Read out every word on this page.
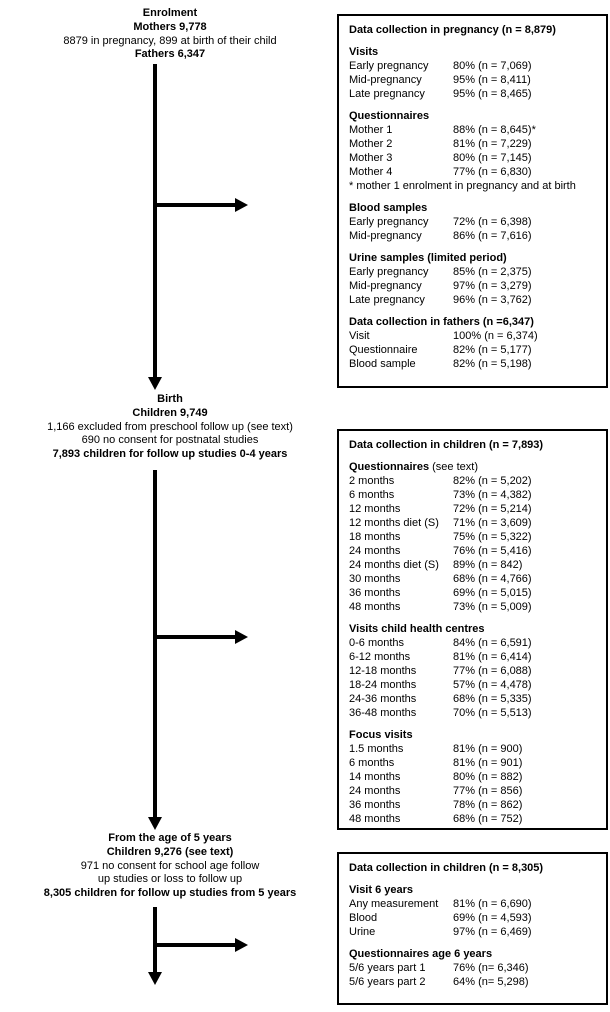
Enrolment
Mothers 9,778
8879 in pregnancy, 899 at birth of their child
Fathers 6,347
Birth
Children 9,749
1,166 excluded from preschool follow up (see text)
690 no consent for postnatal studies
7,893 children for follow up studies 0-4 years
From the age of 5 years
Children 9,276 (see text)
971 no consent for school age follow
up studies or loss to follow up
8,305 children for follow up studies from 5 years
Data collection in pregnancy (n = 8,879)
Visits
Early pregnancy	80% (n = 7,069)
Mid-pregnancy	95% (n = 8,411)
Late pregnancy	95% (n = 8,465)
Questionnaires
Mother 1	88% (n = 8,645)*
Mother 2	81% (n = 7,229)
Mother 3	80% (n = 7,145)
Mother 4	77% (n = 6,830)
* mother 1 enrolment in pregnancy and at birth
Blood samples
Early pregnancy	72% (n = 6,398)
Mid-pregnancy	86% (n = 7,616)
Urine samples (limited period)
Early pregnancy	85% (n = 2,375)
Mid-pregnancy	97% (n = 3,279)
Late pregnancy	96% (n = 3,762)
Data collection in fathers (n =6,347)
Visit	100% (n = 6,374)
Questionnaire	82% (n = 5,177)
Blood sample	82% (n = 5,198)
Data collection in children (n = 7,893)
Questionnaires (see text)
2 months	82% (n = 5,202)
6 months	73% (n = 4,382)
12 months	72% (n = 5,214)
12 months diet (S)	71% (n = 3,609)
18 months	75% (n = 5,322)
24 months	76% (n = 5,416)
24 months diet (S)	89% (n = 842)
30 months	68% (n = 4,766)
36 months	69% (n = 5,015)
48 months	73% (n = 5,009)
Visits child health centres
0-6 months	84% (n = 6,591)
6-12 months	81% (n = 6,414)
12-18 months	77% (n = 6,088)
18-24 months	57% (n = 4,478)
24-36 months	68% (n = 5,335)
36-48 months	70% (n = 5,513)
Focus visits
1.5 months	81% (n = 900)
6 months	81% (n = 901)
14 months	80% (n = 882)
24 months	77% (n = 856)
36 months	78% (n = 862)
48 months	68% (n = 752)
Data collection in children (n = 8,305)
Visit 6 years
Any measurement	81% (n = 6,690)
Blood	69% (n = 4,593)
Urine	97% (n = 6,469)
Questionnaires age 6 years
5/6 years part 1	76% (n= 6,346)
5/6 years part 2	64% (n= 5,298)
